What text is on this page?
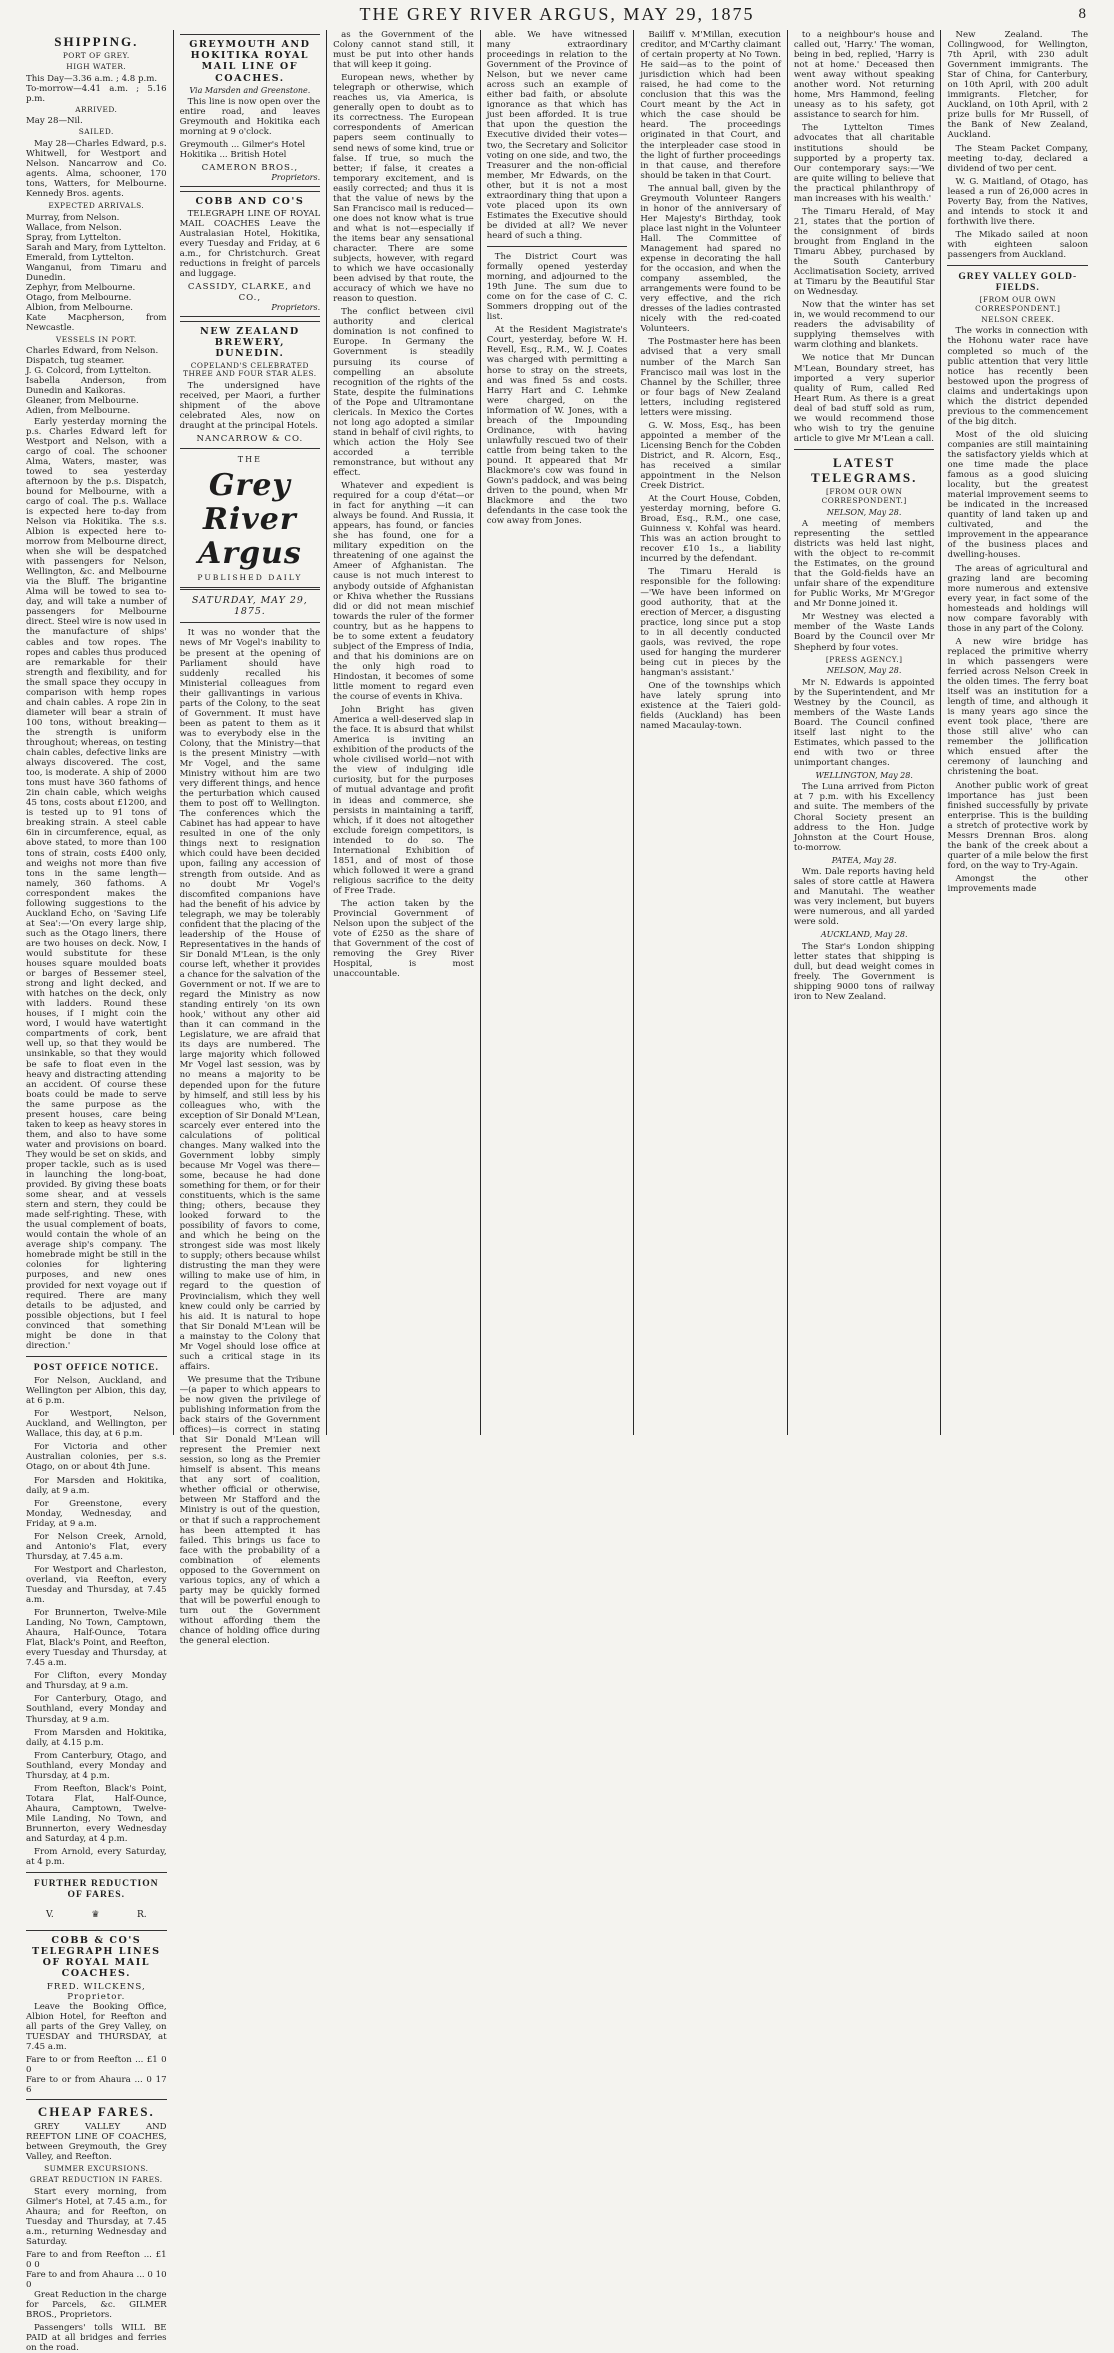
THE GREY RIVER ARGUS, MAY 29, 1875	8
SHIPPING.
PORT OF GREY.
HIGH WATER.
This Day—3.36 a.m. ; 4.8 p.m.
To-morrow—4.41 a.m. ; 5.16 p.m.
ARRIVED.
May 28—Nil.
SAILED.

May 28—Charles Edward, p.s. Whitwell, for Westport and Nelson. Nancarrow and Co. agents. Alma, schooner, 170 tons, Watters, for Melbourne. Kennedy Bros. agents.

EXPECTED ARRIVALS.
Murray, from Nelson.
Wallace, from Nelson.
Spray, from Lyttelton.
Sarah and Mary, from Lyttelton.
Emerald, from Lyttelton.
Wanganui, from Timaru and Dunedin.
Zephyr, from Melbourne.
Otago, from Melbourne.
Albion, from Melbourne.
Kate Macpherson, from Newcastle.
VESSELS IN PORT.
Charles Edward, from Nelson.
Dispatch, tug steamer.
J. G. Colcord, from Lyttelton.
Isabella Anderson, from Dunedin and Kaikoras.
Gleaner, from Melbourne.
Adien, from Melbourne.

Early yesterday morning the p.s. Charles Edward left for Westport and Nelson, with a cargo of coal. The schooner Alma, Waters, master, was towed to sea yesterday afternoon by the p.s. Dispatch, bound for Melbourne, with a cargo of coal. The p.s. Wallace is expected here to-day from Nelson via Hokitika. The s.s. Albion is expected here to-morrow from Melbourne direct, when she will be despatched with passengers for Nelson, Wellington, &c. and Melbourne via the Bluff. The brigantine Alma will be towed to sea to-day, and will take a number of passengers for Melbourne direct. Steel wire is now used in the manufacture of ships' cables and tow ropes. The ropes and cables thus produced are remarkable for their strength and flexibility, and for the small space they occupy in comparison with hemp ropes and chain cables. A rope 2in in diameter will bear a strain of 100 tons, without breaking—the strength is uniform throughout; whereas, on testing chain cables, defective links are always discovered. The cost, too, is moderate. A ship of 2000 tons must have 360 fathoms of 2in chain cable, which weighs 45 tons, costs about £1200, and is tested up to 91 tons of breaking strain. A steel cable 6in in circumference, equal, as above stated, to more than 100 tons of strain, costs £400 only, and weighs not more than five tons in the same length—namely, 360 fathoms. A correspondent makes the following suggestions to the Auckland Echo, on 'Saving Life at Sea':—'On every large ship, such as the Otago liners, there are two houses on deck. Now, I would substitute for these houses square moulded boats or barges of Bessemer steel, strong and light decked, and with hatches on the deck, only with ladders. Round these houses, if I might coin the word, I would have watertight compartments of cork, bent well up, so that they would be unsinkable, so that they would be safe to float even in the heavy and distracting attending an accident. Of course these boats could be made to serve the same purpose as the present houses, care being taken to keep as heavy stores in them, and also to have some water and provisions on board. They would be set on skids, and proper tackle, such as is used in launching the long-boat, provided. By giving these boats some shear, and at vessels stern and stern, they could be made self-righting. These, with the usual complement of boats, would contain the whole of an average ship's company. The homebrade might be still in the colonies for lightering purposes, and new ones provided for next voyage out if required. There are many details to be adjusted, and possible objections, but I feel convinced that something might be done in that direction.'

POST OFFICE NOTICE.

For Nelson, Auckland, and Wellington per Albion, this day, at 6 p.m.

For Westport, Nelson, Auckland, and Wellington, per Wallace, this day, at 6 p.m.

For Victoria and other Australian colonies, per s.s. Otago, on or about 4th June.

For Marsden and Hokitika, daily, at 9 a.m.

For Greenstone, every Monday, Wednesday, and Friday, at 9 a.m.

For Nelson Creek, Arnold, and Antonio's Flat, every Thursday, at 7.45 a.m.

For Westport and Charleston, overland, via Reefton, every Tuesday and Thursday, at 7.45 a.m.

For Brunnerton, Twelve-Mile Landing, No Town, Camptown, Ahaura, Half-Ounce, Totara Flat, Black's Point, and Reefton, every Tuesday and Thursday, at 7.45 a.m.

For Clifton, every Monday and Thursday, at 9 a.m.

For Canterbury, Otago, and Southland, every Monday and Thursday, at 9 a.m.

From Marsden and Hokitika, daily, at 4.15 p.m.

From Canterbury, Otago, and Southland, every Monday and Thursday, at 4 p.m.

From Reefton, Black's Point, Totara Flat, Half-Ounce, Ahaura, Camptown, Twelve-Mile Landing, No Town, and Brunnerton, every Wednesday and Saturday, at 4 p.m.

From Arnold, every Saturday, at 4 p.m.

FURTHER REDUCTION OF FARES.
V.	♛	R.
COBB & CO'S TELEGRAPH LINES OF ROYAL MAIL COACHES.
FRED. WILCKENS, Proprietor.

Leave the Booking Office, Albion Hotel, for Reefton and all parts of the Grey Valley, on TUESDAY and THURSDAY, at 7.45 a.m.

Fare to or from Reefton ... £1 0 0
Fare to or from Ahaura ... 0 17 6
CHEAP FARES.

GREY VALLEY AND REEFTON LINE OF COACHES, between Greymouth, the Grey Valley, and Reefton.

SUMMER EXCURSIONS.
GREAT REDUCTION IN FARES.

Start every morning, from Gilmer's Hotel, at 7.45 a.m., for Ahaura; and for Reefton, on Tuesday and Thursday, at 7.45 a.m., returning Wednesday and Saturday.

Fare to and from Reefton ... £1 0 0
Fare to and from Ahaura ... 0 10 0

Great Reduction in the charge for Parcels, &c. GILMER BROS., Proprietors.

Passengers' tolls WILL BE PAID at all bridges and ferries on the road.

GREYMOUTH AND HOKITIKA ROYAL MAIL LINE OF COACHES.
Via Marsden and Greenstone.

This line is now open over the entire road, and leaves Greymouth and Hokitika each morning at 9 o'clock.

Greymouth ... Gilmer's Hotel
Hokitika ... British Hotel
CAMERON BROS.,
Proprietors.
COBB AND CO'S

TELEGRAPH LINE OF ROYAL MAIL COACHES Leave the Australasian Hotel, Hokitika, every Tuesday and Friday, at 6 a.m., for Christchurch. Great reductions in freight of parcels and luggage.

CASSIDY, CLARKE, and CO.,
Proprietors.
NEW ZEALAND BREWERY, DUNEDIN.
COPELAND'S CELEBRATED THREE AND FOUR STAR ALES.

The undersigned have received, per Maori, a further shipment of the above celebrated Ales, now on draught at the principal Hotels.

NANCARROW & CO.
THE
Grey River Argus
PUBLISHED DAILY
SATURDAY, MAY 29, 1875.

It was no wonder that the news of Mr Vogel's inability to be present at the opening of Parliament should have suddenly recalled his Ministerial colleagues from their gallivantings in various parts of the Colony, to the seat of Government. It must have been as patent to them as it was to everybody else in the Colony, that the Ministry—that is the present Ministry —with Mr Vogel, and the same Ministry without him are two very different things, and hence the perturbation which caused them to post off to Wellington. The conferences which the Cabinet has had appear to have resulted in one of the only things next to resignation which could have been decided upon, failing any accession of strength from outside. And as no doubt Mr Vogel's discomfited companions have had the benefit of his advice by telegraph, we may be tolerably confident that the placing of the leadership of the House of Representatives in the hands of Sir Donald M'Lean, is the only course left, whether it provides a chance for the salvation of the Government or not. If we are to regard the Ministry as now standing entirely 'on its own hook,' without any other aid than it can command in the Legislature, we are afraid that its days are numbered. The large majority which followed Mr Vogel last session, was by no means a majority to be depended upon for the future by himself, and still less by his colleagues who, with the exception of Sir Donald M'Lean, scarcely ever entered into the calculations of political changes. Many walked into the Government lobby simply because Mr Vogel was there—some, because he had done something for them, or for their constituents, which is the same thing; others, because they looked forward to the possibility of favors to come, and which he being on the strongest side was most likely to supply; others because whilst distrusting the man they were willing to make use of him, in regard to the question of Provincialism, which they well knew could only be carried by his aid. It is natural to hope that Sir Donald M'Lean will be a mainstay to the Colony that Mr Vogel should lose office at such a critical stage in its affairs.

We presume that the Tribune—(a paper to which appears to be now given the privilege of publishing information from the back stairs of the Government offices)—is correct in stating that Sir Donald M'Lean will represent the Premier next session, so long as the Premier himself is absent. This means that any sort of coalition, whether official or otherwise, between Mr Stafford and the Ministry is out of the question, or that if such a rapprochement has been attempted it has failed. This brings us face to face with the probability of a combination of elements opposed to the Government on various topics, any of which a party may be quickly formed that will be powerful enough to turn out the Government without affording them the chance of holding office during the general election.

as the Government of the Colony cannot stand still, it must be put into other hands that will keep it going.

European news, whether by telegraph or otherwise, which reaches us, via America, is generally open to doubt as to its correctness. The European correspondents of American papers seem continually to send news of some kind, true or false. If true, so much the better; if false, it creates a temporary excitement, and is easily corrected; and thus it is that the value of news by the San Francisco mail is reduced—one does not know what is true and what is not—especially if the items bear any sensational character. There are some subjects, however, with regard to which we have occasionally been advised by that route, the accuracy of which we have no reason to question.

The conflict between civil authority and clerical domination is not confined to Europe. In Germany the Government is steadily pursuing its course of compelling an absolute recognition of the rights of the State, despite the fulminations of the Pope and Ultramontane clericals. In Mexico the Cortes not long ago adopted a similar stand in behalf of civil rights, to which action the Holy See accorded a terrible remonstrance, but without any effect.

Whatever and expedient is required for a coup d'état—or in fact for anything —it can always be found. And Russia, it appears, has found, or fancies she has found, one for a military expedition on the threatening of one against the Ameer of Afghanistan. The cause is not much interest to anybody outside of Afghanistan or Khiva whether the Russians did or did not mean mischief towards the ruler of the former country, but as he happens to be to some extent a feudatory subject of the Empress of India, and that his dominions are on the only high road to Hindostan, it becomes of some little moment to regard even the course of events in Khiva.

John Bright has given America a well-deserved slap in the face. It is absurd that whilst America is inviting an exhibition of the products of the whole civilised world—not with the view of indulging idle curiosity, but for the purposes of mutual advantage and profit in ideas and commerce, she persists in maintaining a tariff, which, if it does not altogether exclude foreign competitors, is intended to do so. The International Exhibition of 1851, and of most of those which followed it were a grand religious sacrifice to the deity of Free Trade.

The action taken by the Provincial Government of Nelson upon the subject of the vote of £250 as the share of that Government of the cost of removing the Grey River Hospital, is most unaccountable.

able. We have witnessed many extraordinary proceedings in relation to the Government of the Province of Nelson, but we never came across such an example of either bad faith, or absolute ignorance as that which has just been afforded. It is true that upon the question the Executive divided their votes—two, the Secretary and Solicitor voting on one side, and two, the Treasurer and the non-official member, Mr Edwards, on the other, but it is not a most extraordinary thing that upon a vote placed upon its own Estimates the Executive should be divided at all? We never heard of such a thing.

The District Court was formally opened yesterday morning, and adjourned to the 19th June. The sum due to come on for the case of C. C. Sommers dropping out of the list.

At the Resident Magistrate's Court, yesterday, before W. H. Revell, Esq., R.M., W. J. Coates was charged with permitting a horse to stray on the streets, and was fined 5s and costs. Harry Hart and C. Lehmke were charged, on the information of W. Jones, with a breach of the Impounding Ordinance, with having unlawfully rescued two of their cattle from being taken to the pound. It appeared that Mr Blackmore's cow was found in Gown's paddock, and was being driven to the pound, when Mr Blackmore and the two defendants in the case took the cow away from Jones.

Bailiff v. M'Millan, execution creditor, and M'Carthy claimant of certain property at No Town. He said—as to the point of jurisdiction which had been raised, he had come to the conclusion that this was the Court meant by the Act in which the case should be heard. The proceedings originated in that Court, and the interpleader case stood in the light of further proceedings in that cause, and therefore should be taken in that Court.

The annual ball, given by the Greymouth Volunteer Rangers in honor of the anniversary of Her Majesty's Birthday, took place last night in the Volunteer Hall. The Committee of Management had spared no expense in decorating the hall for the occasion, and when the company assembled, the arrangements were found to be very effective, and the rich dresses of the ladies contrasted nicely with the red-coated Volunteers.

The Postmaster here has been advised that a very small number of the March San Francisco mail was lost in the Channel by the Schiller, three or four bags of New Zealand letters, including registered letters were missing.

G. W. Moss, Esq., has been appointed a member of the Licensing Bench for the Cobden District, and R. Alcorn, Esq., has received a similar appointment in the Nelson Creek District.

At the Court House, Cobden, yesterday morning, before G. Broad, Esq., R.M., one case, Guinness v. Kohfal was heard. This was an action brought to recover £10 1s., a liability incurred by the defendant.

The Timaru Herald is responsible for the following:—'We have been informed on good authority, that at the erection of Mercer, a disgusting practice, long since put a stop to in all decently conducted gaols, was revived, the rope used for hanging the murderer being cut in pieces by the hangman's assistant.'

One of the townships which have lately sprung into existence at the Taieri gold-fields (Auckland) has been named Macaulay-town.

to a neighbour's house and called out, 'Harry.' The woman, being in bed, replied, 'Harry is not at home.' Deceased then went away without speaking another word. Not returning home, Mrs Hammond, feeling uneasy as to his safety, got assistance to search for him.

The Lyttelton Times advocates that all charitable institutions should be supported by a property tax. Our contemporary says:—'We are quite willing to believe that the practical philanthropy of man increases with his wealth.'

The Timaru Herald, of May 21, states that the portion of the consignment of birds brought from England in the Timaru Abbey, purchased by the South Canterbury Acclimatisation Society, arrived at Timaru by the Beautiful Star on Wednesday.

Now that the winter has set in, we would recommend to our readers the advisability of supplying themselves with warm clothing and blankets.

We notice that Mr Duncan M'Lean, Boundary street, has imported a very superior quality of Rum, called Red Heart Rum. As there is a great deal of bad stuff sold as rum, we would recommend those who wish to try the genuine article to give Mr M'Lean a call.

LATEST TELEGRAMS.
[FROM OUR OWN CORRESPONDENT.]
NELSON, May 28.

A meeting of members representing the settled districts was held last night, with the object to re-commit the Estimates, on the ground that the Gold-fields have an unfair share of the expenditure for Public Works, Mr M'Gregor and Mr Donne joined it.

Mr Westney was elected a member of the Waste Lands Board by the Council over Mr Shepherd by four votes.

[PRESS AGENCY.]
NELSON, May 28.

Mr N. Edwards is appointed by the Superintendent, and Mr Westney by the Council, as members of the Waste Lands Board. The Council confined itself last night to the Estimates, which passed to the end with two or three unimportant changes.

WELLINGTON, May 28.

The Luna arrived from Picton at 7 p.m. with his Excellency and suite. The members of the Choral Society present an address to the Hon. Judge Johnston at the Court House, to-morrow.

PATEA, May 28.

Wm. Dale reports having held sales of store cattle at Hawera and Manutahi. The weather was very inclement, but buyers were numerous, and all yarded were sold.

AUCKLAND, May 28.

The Star's London shipping letter states that shipping is dull, but dead weight comes in freely. The Government is shipping 9000 tons of railway iron to New Zealand.

New Zealand. The Collingwood, for Wellington, 7th April, with 230 adult Government immigrants. The Star of China, for Canterbury, on 10th April, with 200 adult immigrants. Fletcher, for Auckland, on 10th April, with 2 prize bulls for Mr Russell, of the Bank of New Zealand, Auckland.

The Steam Packet Company, meeting to-day, declared a dividend of two per cent.

W. G. Maitland, of Otago, has leased a run of 26,000 acres in Poverty Bay, from the Natives, and intends to stock it and forthwith live there.

The Mikado sailed at noon with eighteen saloon passengers from Auckland.

GREY VALLEY GOLD-FIELDS.
[FROM OUR OWN CORRESPONDENT.]
NELSON CREEK.

The works in connection with the Hohonu water race have completed so much of the public attention that very little notice has recently been bestowed upon the progress of claims and undertakings upon which the district depended previous to the commencement of the big ditch.

Most of the old sluicing companies are still maintaining the satisfactory yields which at one time made the place famous as a good sluicing locality, but the greatest material improvement seems to be indicated in the increased quantity of land taken up and cultivated, and the improvement in the appearance of the business places and dwelling-houses.

The areas of agricultural and grazing land are becoming more numerous and extensive every year, in fact some of the homesteads and holdings will now compare favorably with those in any part of the Colony.

A new wire bridge has replaced the primitive wherry in which passengers were ferried across Nelson Creek in the olden times. The ferry boat itself was an institution for a length of time, and although it is many years ago since the event took place, 'there are those still alive' who can remember the jollification which ensued after the ceremony of launching and christening the boat.

Another public work of great importance has just been finished successfully by private enterprise. This is the building a stretch of protective work by Messrs Drennan Bros. along the bank of the creek about a quarter of a mile below the first ford, on the way to Try-Again.

Amongst the other improvements made
